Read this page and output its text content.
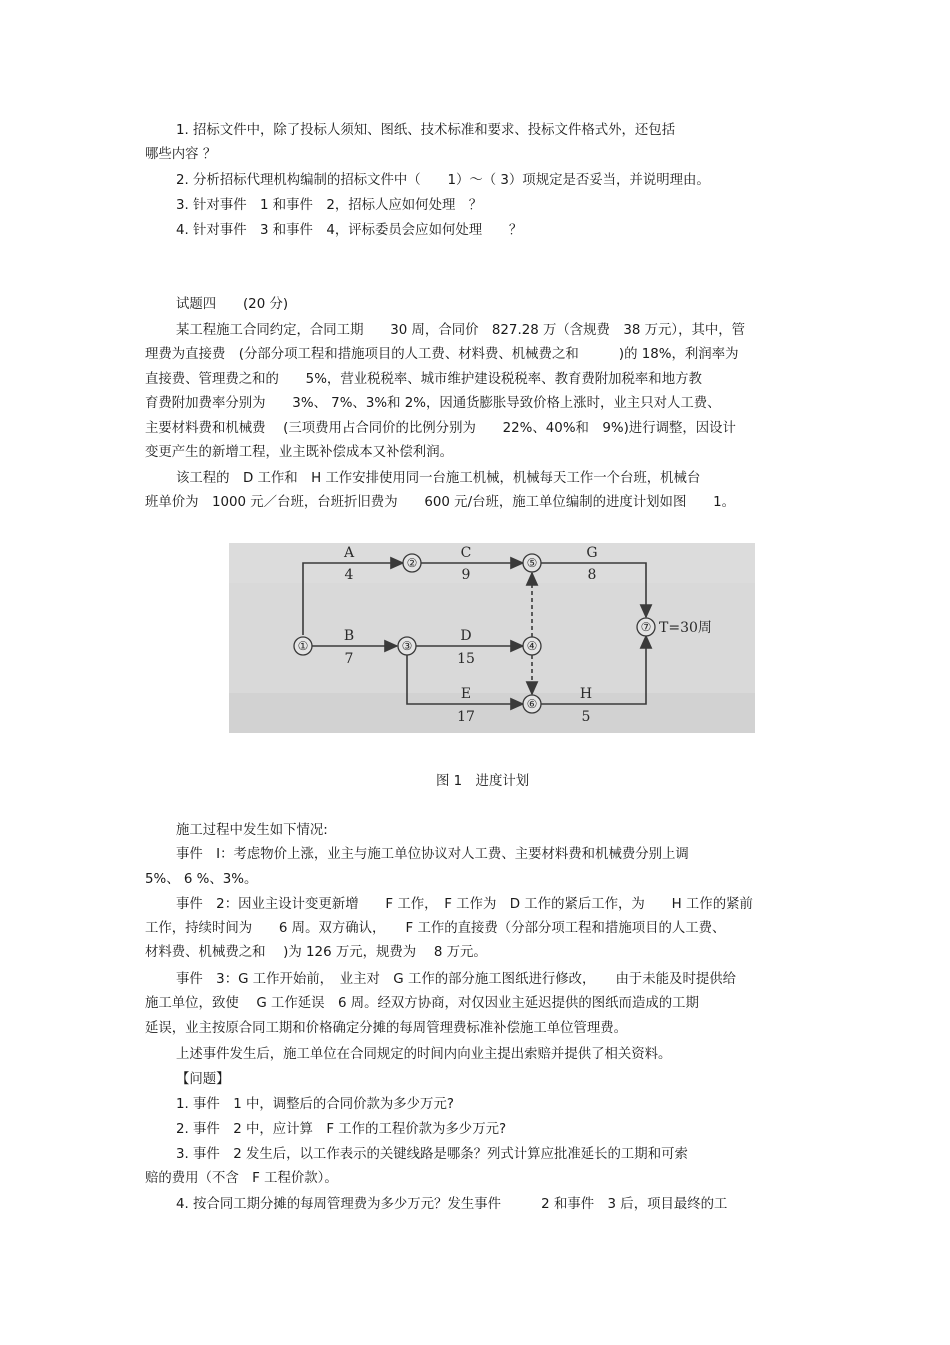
1. 招标文件中，除了投标人须知、图纸、技术标准和要求、投标文件格式外，还包括
哪些内容 ？
2. 分析招标代理机构编制的招标文件中（　　1）～（ 3）项规定是否妥当，并说明理由。
3. 针对事件　1 和事件　2，招标人应如何处理　？
4. 针对事件　3 和事件　4，评标委员会应如何处理　　？
试题四　　(20 分)
某工程施工合同约定，合同工期　　30 周，合同价　827.28 万（含规费　38 万元），其中，管
理费为直接费　(分部分项工程和措施项目的人工费、材料费、机械费之和　　　)的 18%，利润率为
直接费、管理费之和的　　5%，营业税税率、城市维护建设税税率、教育费附加税率和地方教
育费附加费率分别为　　3%、 7%、3%和 2%，因通货膨胀导致价格上涨时，业主只对人工费、
主要材料费和机械费　 (三项费用占合同价的比例分别为　　22%、40%和　9%)进行调整，因设计
变更产生的新增工程，业主既补偿成本又补偿利润。
该工程的　D 工作和　H 工作安排使用同一台施工机械，机械每天工作一个台班，机械台
班单价为　1000 元／台班，台班折旧费为　　600 元/台班，施工单位编制的进度计划如图　　1。
①
②
③	④
⑤
⑥
⑦
A
4
C
9
G
8
B
7
D
15
E
17
H
5
T=30周
图 1　进度计划
施工过程中发生如下情况:
事件　I：考虑物价上涨，业主与施工单位协议对人工费、主要材料费和机械费分别上调
5%、 6 %、3%。
事件　2：因业主设计变更新增　　F 工作，　F 工作为　D 工作的紧后工作，为　　H 工作的紧前
工作，持续时间为　　6 周。双方确认，　　F 工作的直接费（分部分项工程和措施项目的人工费、
材料费、机械费之和　 )为 126 万元，规费为　 8 万元。
事件　3：G 工作开始前，　业主对　G 工作的部分施工图纸进行修改，　　由于未能及时提供给
施工单位，致使　 G 工作延误　6 周。经双方协商，对仅因业主延迟提供的图纸而造成的工期
延误，业主按原合同工期和价格确定分摊的每周管理费标准补偿施工单位管理费。
上述事件发生后，施工单位在合同规定的时间内向业主提出索赔并提供了相关资料。
【问题】
1. 事件　1 中，调整后的合同价款为多少万元?
2. 事件　2 中，应计算　F 工作的工程价款为多少万元?
3. 事件　2 发生后，以工作表示的关键线路是哪条？列式计算应批准延长的工期和可索
赔的费用（不含　F 工程价款）。
4. 按合同工期分摊的每周管理费为多少万元？发生事件　　　2 和事件　3 后，项目最终的工
